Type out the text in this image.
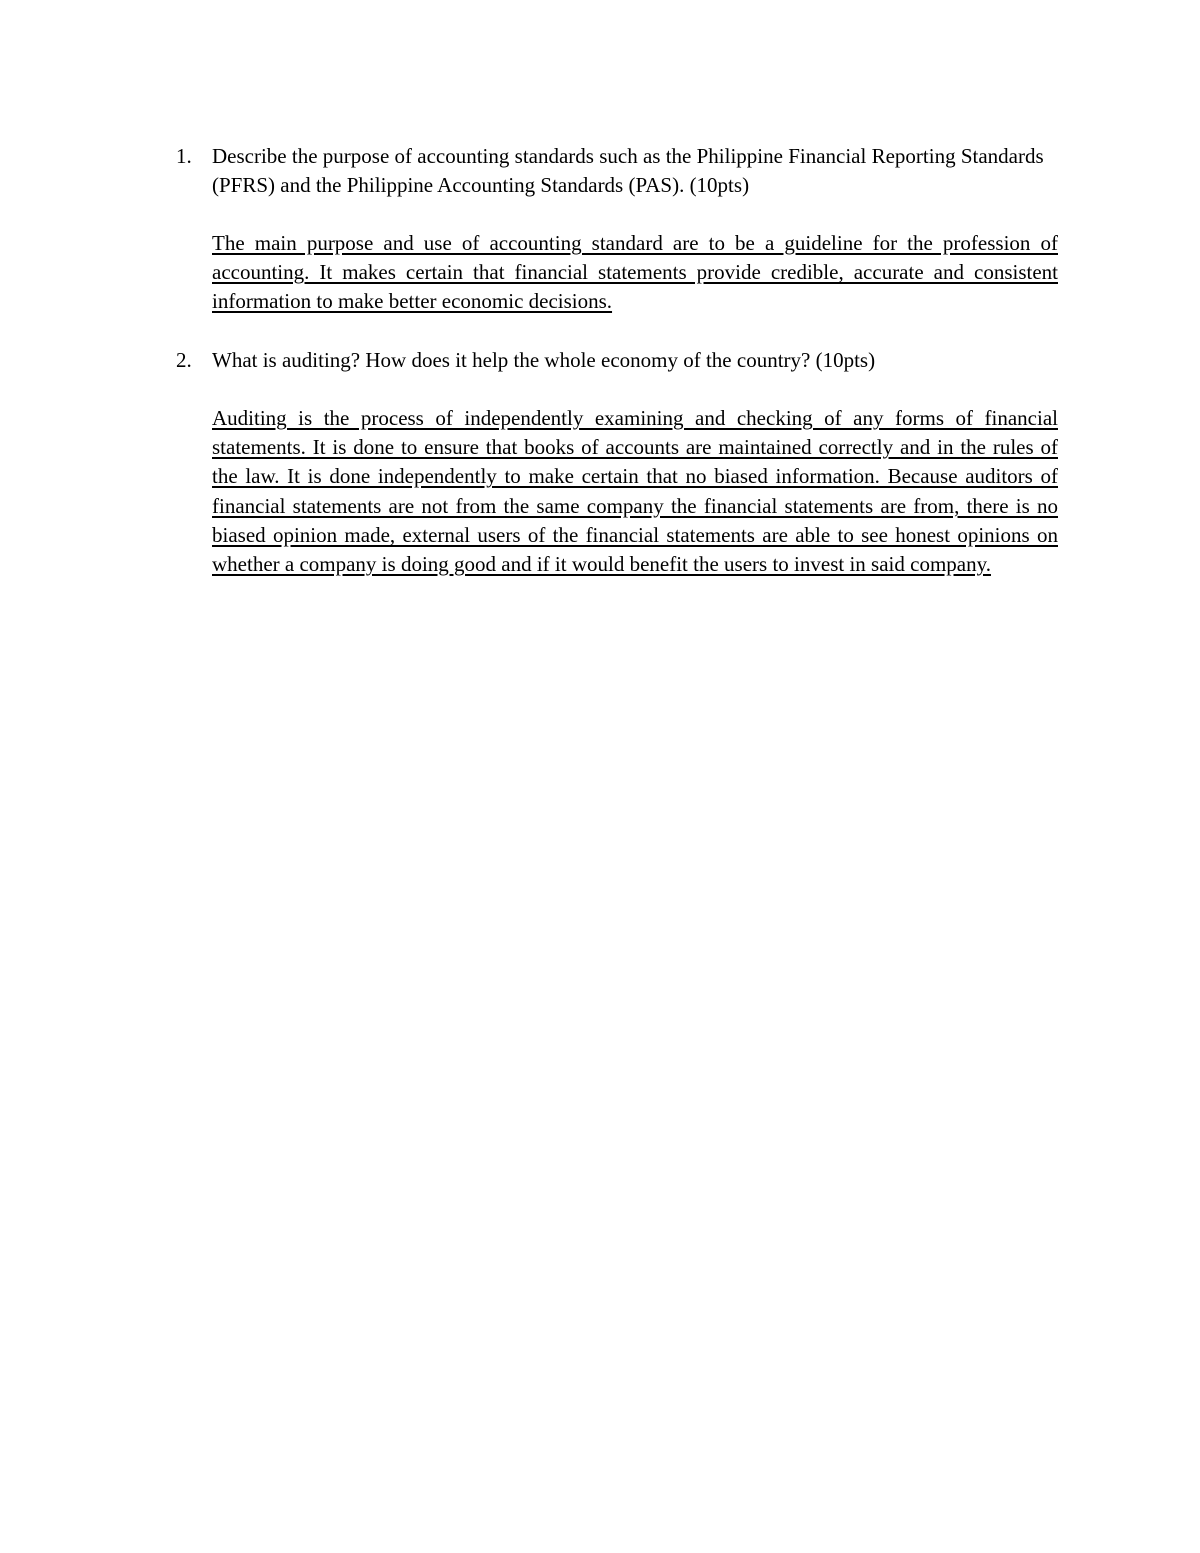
1. Describe the purpose of accounting standards such as the Philippine Financial Reporting Standards (PFRS) and the Philippine Accounting Standards (PAS). (10pts)

The main purpose and use of accounting standard are to be a guideline for the profession of accounting. It makes certain that financial statements provide credible, accurate and consistent information to make better economic decisions.

2. What is auditing? How does it help the whole economy of the country? (10pts)

Auditing is the process of independently examining and checking of any forms of financial statements. It is done to ensure that books of accounts are maintained correctly and in the rules of the law. It is done independently to make certain that no biased information. Because auditors of financial statements are not from the same company the financial statements are from, there is no biased opinion made, external users of the financial statements are able to see honest opinions on whether a company is doing good and if it would benefit the users to invest in said company.
